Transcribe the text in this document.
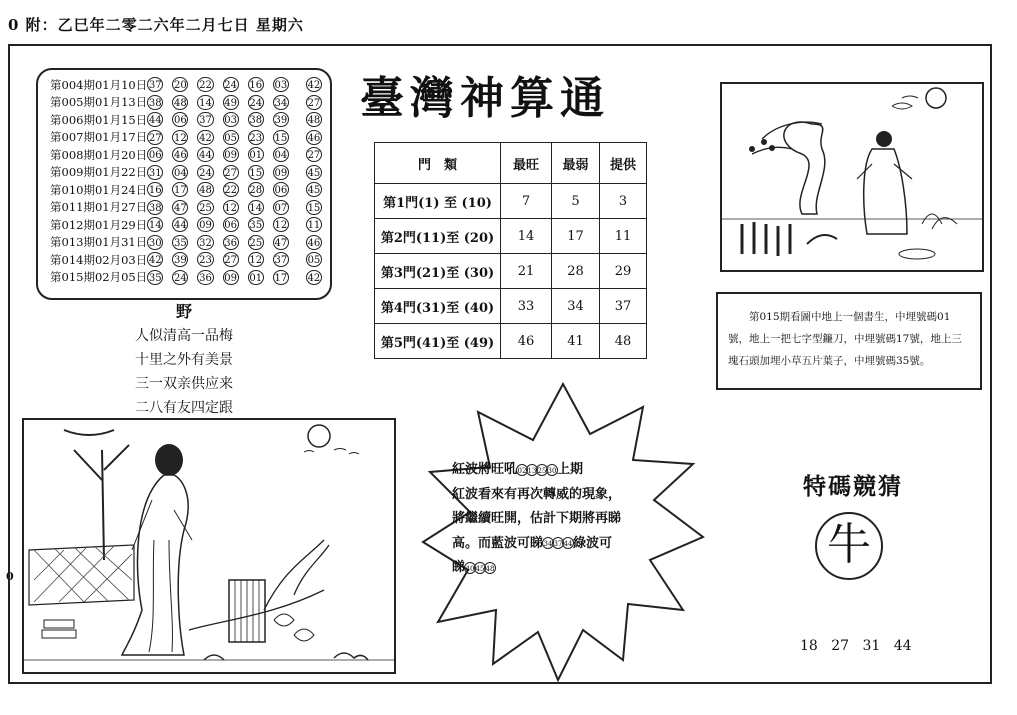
0 附：乙巳年二零二六年二月七日 星期六
0
第004期01月10日 37 20 22 24 16 03 42
第005期01月13日 38 48 14 49 24 34 27
第006期01月15日 44 06 37 03 38 39 48
第007期01月17日 27 12 42 05 23 15 46
第008期01月20日 06 46 44 09 01 04 27
第009期01月22日 31 04 24 27 15 09 45
第010期01月24日 16 17 48 22 28 06 45
第011期01月27日 38 47 25 12 14 07 15
第012期01月29日 14 44 09 06 35 12 11
第013期01月31日 30 35 32 36 25 47 46
第014期02月03日 42 39 23 27 12 37 05
第015期02月05日 35 24 36 09 01 17 42
臺灣神算通
門　類	最旺	最弱	提供
第1門(1) 至 (10)	7	5	3
第2門(11)至 (20)	14	17	11
第3門(21)至 (30)	21	28	29
第4門(31)至 (40)	33	34	37
第5門(41)至 (49)	46	41	48
野
人似清高一品梅
十里之外有美景
三一双亲供应来
二八有友四定跟
第015期看圖中地上一個書生，中埋號碼01號，地上一把七字型鐮刀，中埋號碼17號，地上三塊石頭加埋小草五片葉子，中埋號碼35號。
紅波將旺吼02132530上期
紅波看來有再次轉威的現象，
將繼續旺開，估計下期將再睇
高。而藍波可睇343744綠波可
睇404548
特碼競猜
牛
18 27 31 44
